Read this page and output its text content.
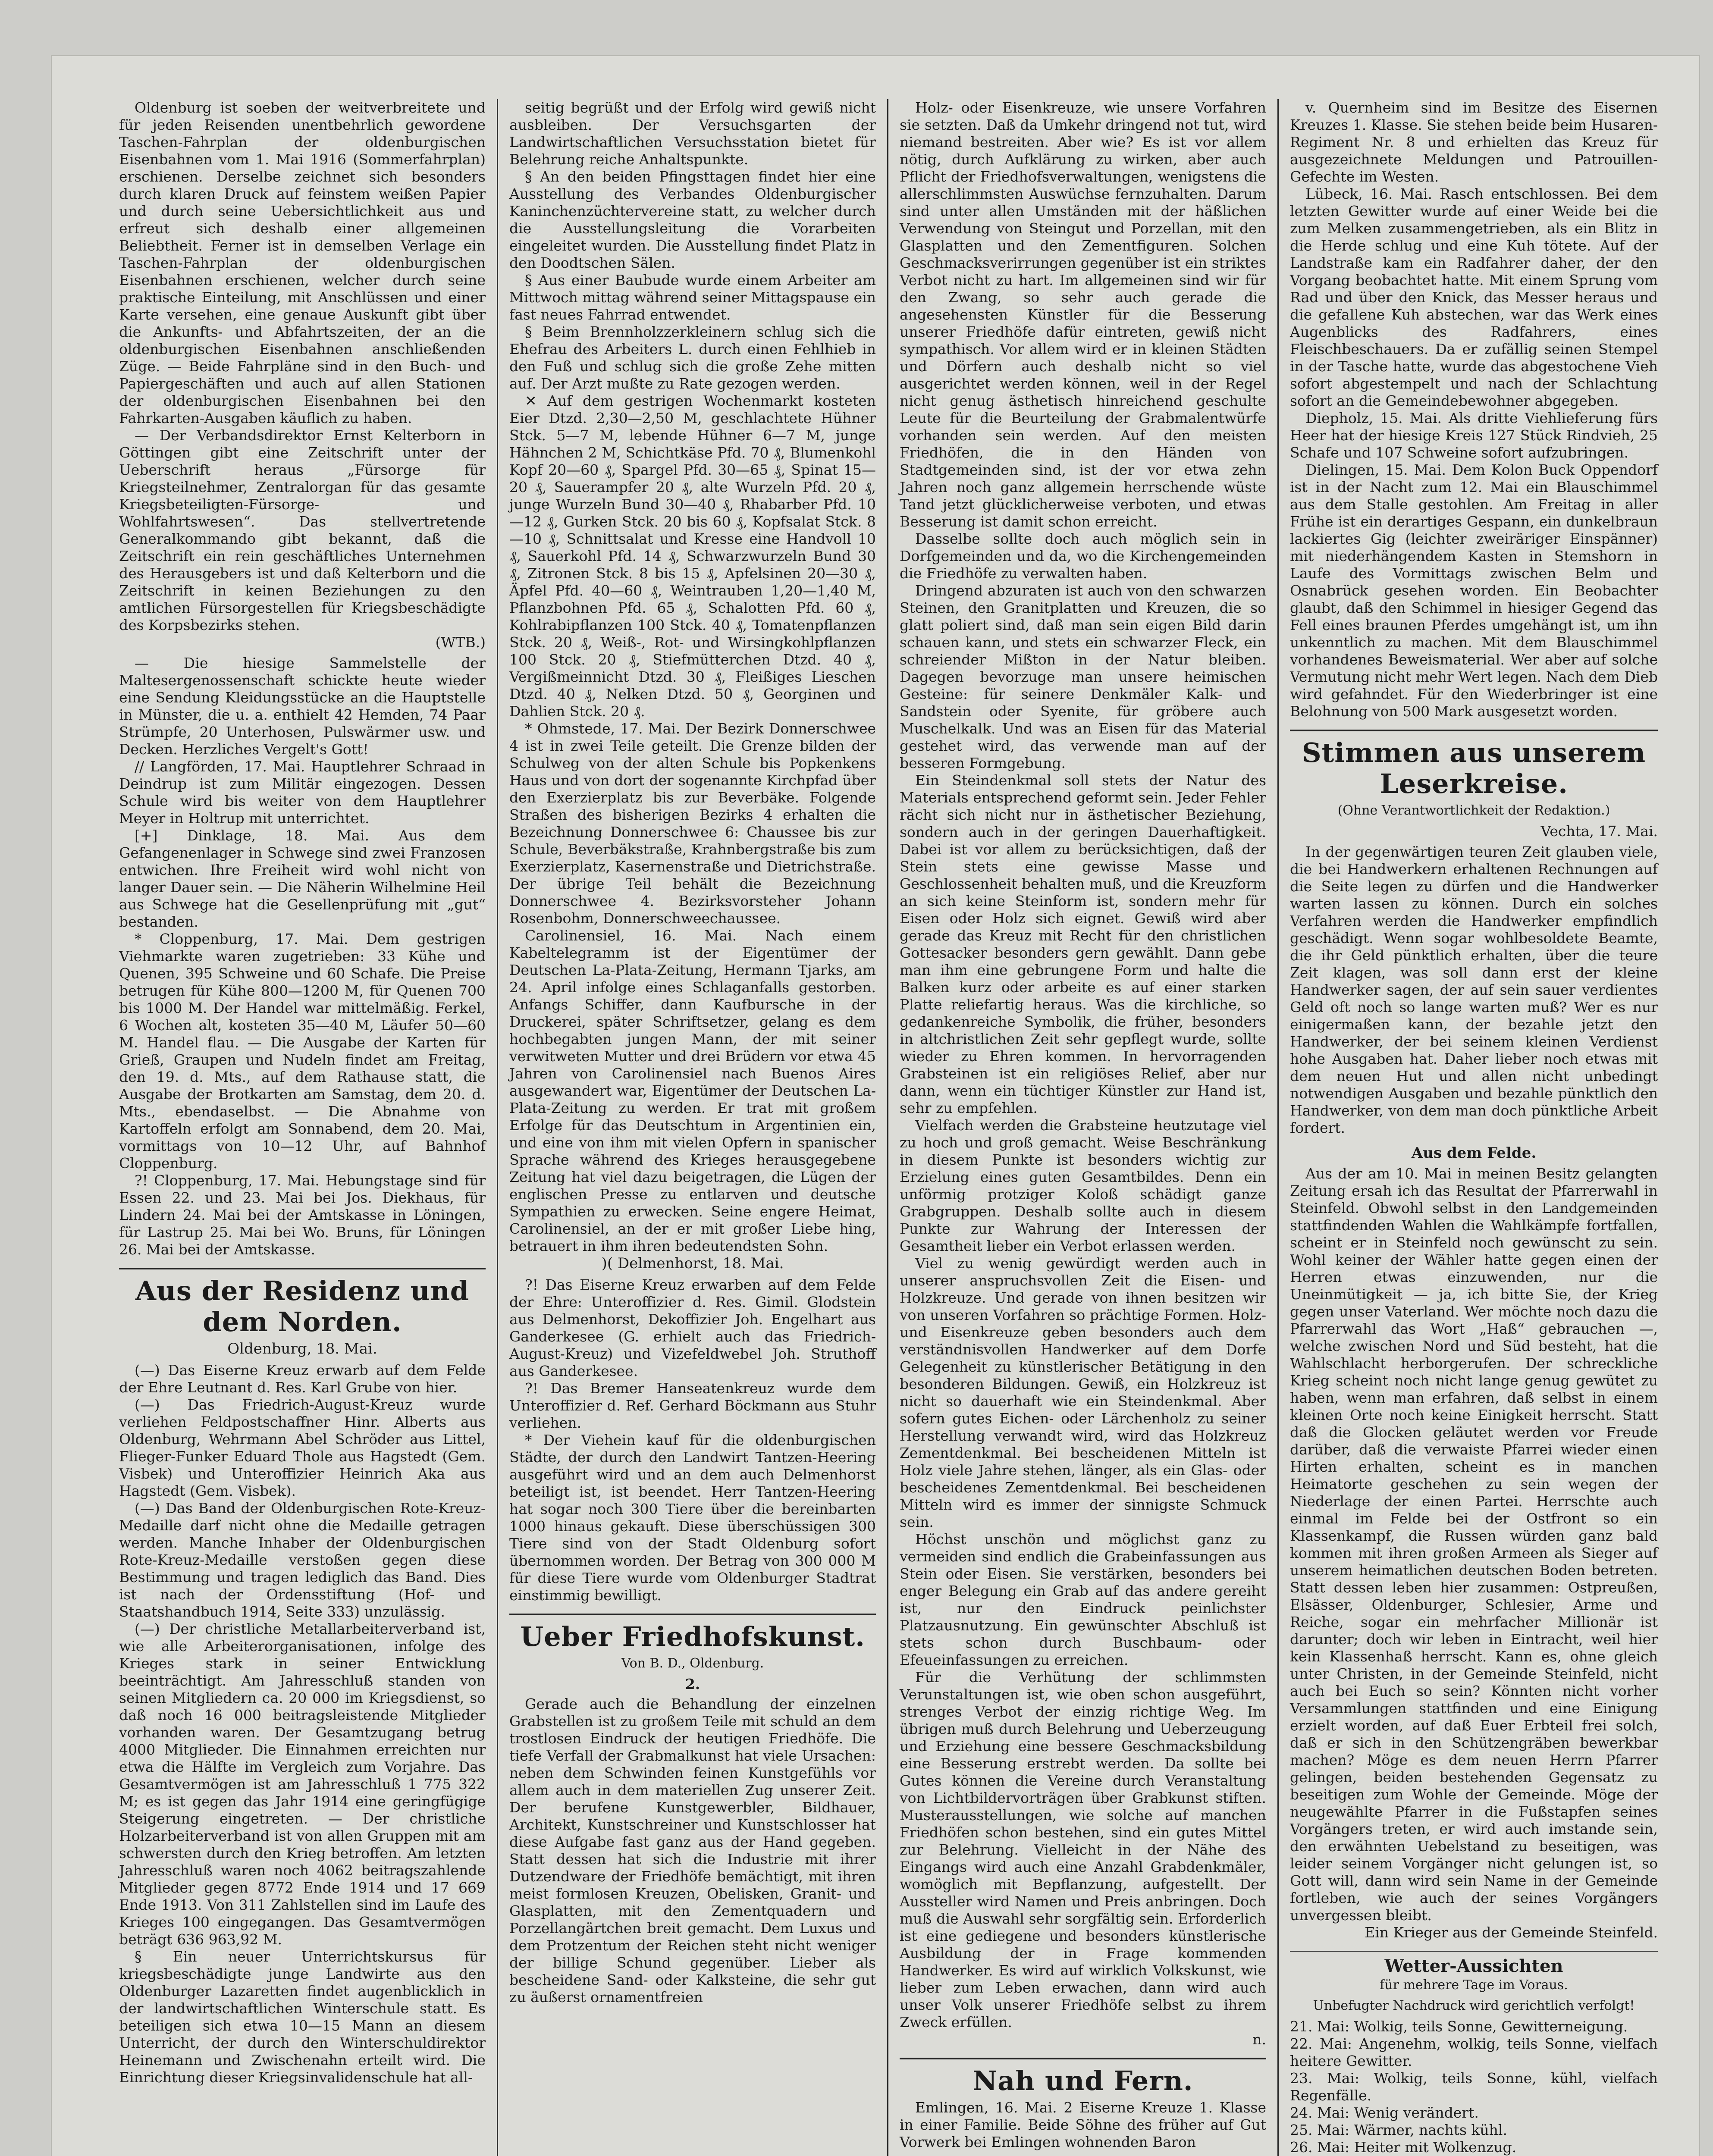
Oldenburg ist soeben der weitverbreitete und für jeden Reisenden unentbehrlich gewordene Taschen-Fahrplan der oldenburgischen Eisenbahnen vom 1. Mai 1916 (Sommerfahrplan) erschienen. Derselbe zeichnet sich besonders durch klaren Druck auf feinstem weißen Papier und durch seine Uebersichtlichkeit aus und erfreut sich deshalb einer allgemeinen Beliebtheit. Ferner ist in demselben Verlage ein Taschen-Fahrplan der oldenburgischen Eisenbahnen erschienen, welcher durch seine praktische Einteilung, mit Anschlüssen und einer Karte versehen, eine genaue Auskunft gibt über die Ankunfts- und Abfahrtszeiten, der an die oldenburgischen Eisenbahnen anschließenden Züge. — Beide Fahrpläne sind in den Buch- und Papiergeschäften und auch auf allen Stationen der oldenburgischen Eisenbahnen bei den Fahrkarten-Ausgaben käuflich zu haben.

— Der Verbandsdirektor Ernst Kelterborn in Göttingen gibt eine Zeitschrift unter der Ueberschrift heraus „Fürsorge für Kriegsteilnehmer, Zentralorgan für das gesamte Kriegsbeteiligten-Fürsorge- und Wohlfahrtswesen“. Das stellvertretende Generalkommando gibt bekannt, daß die Zeitschrift ein rein geschäftliches Unternehmen des Herausgebers ist und daß Kelterborn und die Zeitschrift in keinen Beziehungen zu den amtlichen Fürsorgestellen für Kriegsbeschädigte des Korpsbezirks stehen.

(WTB.)

— Die hiesige Sammelstelle der Maltesergenossenschaft schickte heute wieder eine Sendung Kleidungsstücke an die Hauptstelle in Münster, die u. a. enthielt 42 Hemden, 74 Paar Strümpfe, 20 Unterhosen, Pulswärmer usw. und Decken. Herzliches Vergelt's Gott!

// Langförden, 17. Mai. Hauptlehrer Schraad in Deindrup ist zum Militär eingezogen. Dessen Schule wird bis weiter von dem Hauptlehrer Meyer in Holtrup mit unterrichtet.

[+] Dinklage, 18. Mai. Aus dem Gefangenenlager in Schwege sind zwei Franzosen entwichen. Ihre Freiheit wird wohl nicht von langer Dauer sein. — Die Näherin Wilhelmine Heil aus Schwege hat die Gesellenprüfung mit „gut“ bestanden.

* Cloppenburg, 17. Mai. Dem gestrigen Viehmarkte waren zugetrieben: 33 Kühe und Quenen, 395 Schweine und 60 Schafe. Die Preise betrugen für Kühe 800—1200 M, für Quenen 700 bis 1000 M. Der Handel war mittelmäßig. Ferkel, 6 Wochen alt, kosteten 35—40 M, Läufer 50—60 M. Handel flau. — Die Ausgabe der Karten für Grieß, Graupen und Nudeln findet am Freitag, den 19. d. Mts., auf dem Rathause statt, die Ausgabe der Brotkarten am Samstag, dem 20. d. Mts., ebendaselbst. — Die Abnahme von Kartoffeln erfolgt am Sonnabend, dem 20. Mai, vormittags von 10—12 Uhr, auf Bahnhof Cloppenburg.

?! Cloppenburg, 17. Mai. Hebungstage sind für Essen 22. und 23. Mai bei Jos. Diekhaus, für Lindern 24. Mai bei der Amtskasse in Löningen, für Lastrup 25. Mai bei Wo. Bruns, für Löningen 26. Mai bei der Amtskasse.

Aus der Residenz und dem Norden.
Oldenburg, 18. Mai.

(—) Das Eiserne Kreuz erwarb auf dem Felde der Ehre Leutnant d. Res. Karl Grube von hier.

(—) Das Friedrich-August-Kreuz wurde verliehen Feldpostschaffner Hinr. Alberts aus Oldenburg, Wehrmann Abel Schröder aus Littel, Flieger-Funker Eduard Thole aus Hagstedt (Gem. Visbek) und Unteroffizier Heinrich Aka aus Hagstedt (Gem. Visbek).

(—) Das Band der Oldenburgischen Rote-Kreuz-Medaille darf nicht ohne die Medaille getragen werden. Manche Inhaber der Oldenburgischen Rote-Kreuz-Medaille verstoßen gegen diese Bestimmung und tragen lediglich das Band. Dies ist nach der Ordensstiftung (Hof- und Staatshandbuch 1914, Seite 333) unzulässig.

(—) Der christliche Metallarbeiterverband ist, wie alle Arbeiterorganisationen, infolge des Krieges stark in seiner Entwicklung beeinträchtigt. Am Jahresschluß standen von seinen Mitgliedern ca. 20 000 im Kriegsdienst, so daß noch 16 000 beitragsleistende Mitglieder vorhanden waren. Der Gesamtzugang betrug 4000 Mitglieder. Die Einnahmen erreichten nur etwa die Hälfte im Vergleich zum Vorjahre. Das Gesamtvermögen ist am Jahresschluß 1 775 322 M; es ist gegen das Jahr 1914 eine geringfügige Steigerung eingetreten. — Der christliche Holzarbeiterverband ist von allen Gruppen mit am schwersten durch den Krieg betroffen. Am letzten Jahresschluß waren noch 4062 beitragszahlende Mitglieder gegen 8772 Ende 1914 und 17 669 Ende 1913. Von 311 Zahlstellen sind im Laufe des Krieges 100 eingegangen. Das Gesamtvermögen beträgt 636 963,92 M.

§ Ein neuer Unterrichtskursus für kriegsbeschädigte junge Landwirte aus den Oldenburger Lazaretten findet augenblicklich in der landwirtschaftlichen Winterschule statt. Es beteiligen sich etwa 10—15 Mann an diesem Unterricht, der durch den Winterschuldirektor Heinemann und Zwischenahn erteilt wird. Die Einrichtung dieser Kriegsinvalidenschule hat all-

seitig begrüßt und der Erfolg wird gewiß nicht ausbleiben. Der Versuchsgarten der Landwirtschaftlichen Versuchsstation bietet für Belehrung reiche Anhaltspunkte.

§ An den beiden Pfingsttagen findet hier eine Ausstellung des Verbandes Oldenburgischer Kaninchenzüchtervereine statt, zu welcher durch die Ausstellungsleitung die Vorarbeiten eingeleitet wurden. Die Ausstellung findet Platz in den Doodtschen Sälen.

§ Aus einer Baubude wurde einem Arbeiter am Mittwoch mittag während seiner Mittagspause ein fast neues Fahrrad entwendet.

§ Beim Brennholzzerkleinern schlug sich die Ehefrau des Arbeiters L. durch einen Fehlhieb in den Fuß und schlug sich die große Zehe mitten auf. Der Arzt mußte zu Rate gezogen werden.

✕ Auf dem gestrigen Wochenmarkt kosteten Eier Dtzd. 2,30—2,50 M, geschlachtete Hühner Stck. 5—7 M, lebende Hühner 6—7 M, junge Hähnchen 2 M, Schichtkäse Pfd. 70 ₰, Blumenkohl Kopf 20—60 ₰, Spargel Pfd. 30—65 ₰, Spinat 15—20 ₰, Sauerampfer 20 ₰, alte Wurzeln Pfd. 20 ₰, junge Wurzeln Bund 30—40 ₰, Rhabarber Pfd. 10—12 ₰, Gurken Stck. 20 bis 60 ₰, Kopfsalat Stck. 8—10 ₰, Schnittsalat und Kresse eine Handvoll 10 ₰, Sauerkohl Pfd. 14 ₰, Schwarzwurzeln Bund 30 ₰, Zitronen Stck. 8 bis 15 ₰, Apfelsinen 20—30 ₰, Äpfel Pfd. 40—60 ₰, Weintrauben 1,20—1,40 M, Pflanzbohnen Pfd. 65 ₰, Schalotten Pfd. 60 ₰, Kohlrabipflanzen 100 Stck. 40 ₰, Tomatenpflanzen Stck. 20 ₰, Weiß-, Rot- und Wirsingkohlpflanzen 100 Stck. 20 ₰, Stiefmütterchen Dtzd. 40 ₰, Vergißmeinnicht Dtzd. 30 ₰, Fleißiges Lieschen Dtzd. 40 ₰, Nelken Dtzd. 50 ₰, Georginen und Dahlien Stck. 20 ₰.

* Ohmstede, 17. Mai. Der Bezirk Donnerschwee 4 ist in zwei Teile geteilt. Die Grenze bilden der Schulweg von der alten Schule bis Popkenkens Haus und von dort der sogenannte Kirchpfad über den Exerzierplatz bis zur Beverbäke. Folgende Straßen des bisherigen Bezirks 4 erhalten die Bezeichnung Donnerschwee 6: Chaussee bis zur Schule, Beverbäkstraße, Krahnbergstraße bis zum Exerzierplatz, Kasernenstraße und Dietrichstraße. Der übrige Teil behält die Bezeichnung Donnerschwee 4. Bezirksvorsteher Johann Rosenbohm, Donnerschweechaussee.

Carolinensiel, 16. Mai. Nach einem Kabeltelegramm ist der Eigentümer der Deutschen La-Plata-Zeitung, Hermann Tjarks, am 24. April infolge eines Schlaganfalls gestorben. Anfangs Schiffer, dann Kaufbursche in der Druckerei, später Schriftsetzer, gelang es dem hochbegabten jungen Mann, der mit seiner verwitweten Mutter und drei Brüdern vor etwa 45 Jahren von Carolinensiel nach Buenos Aires ausgewandert war, Eigentümer der Deutschen La-Plata-Zeitung zu werden. Er trat mit großem Erfolge für das Deutschtum in Argentinien ein, und eine von ihm mit vielen Opfern in spanischer Sprache während des Krieges herausgegebene Zeitung hat viel dazu beigetragen, die Lügen der englischen Presse zu entlarven und deutsche Sympathien zu erwecken. Seine engere Heimat, Carolinensiel, an der er mit großer Liebe hing, betrauert in ihm ihren bedeutendsten Sohn.

)( Delmenhorst, 18. Mai.

?! Das Eiserne Kreuz erwarben auf dem Felde der Ehre: Unteroffizier d. Res. Gimil. Glodstein aus Delmenhorst, Dekoffizier Joh. Engelhart aus Ganderkesee (G. erhielt auch das Friedrich-August-Kreuz) und Vizefeldwebel Joh. Struthoff aus Ganderkesee.

?! Das Bremer Hanseatenkreuz wurde dem Unteroffizier d. Ref. Gerhard Böckmann aus Stuhr verliehen.

* Der Viehein kauf für die oldenburgischen Städte, der durch den Landwirt Tantzen-Heering ausgeführt wird und an dem auch Delmenhorst beteiligt ist, ist beendet. Herr Tantzen-Heering hat sogar noch 300 Tiere über die bereinbarten 1000 hinaus gekauft. Diese überschüssigen 300 Tiere sind von der Stadt Oldenburg sofort übernommen worden. Der Betrag von 300 000 M für diese Tiere wurde vom Oldenburger Stadtrat einstimmig bewilligt.

Ueber Friedhofskunst.
Von B. D., Oldenburg.
2.

Gerade auch die Behandlung der einzelnen Grabstellen ist zu großem Teile mit schuld an dem trostlosen Eindruck der heutigen Friedhöfe. Die tiefe Verfall der Grabmalkunst hat viele Ursachen: neben dem Schwinden feinen Kunstgefühls vor allem auch in dem materiellen Zug unserer Zeit. Der berufene Kunstgewerbler, Bildhauer, Architekt, Kunstschreiner und Kunstschlosser hat diese Aufgabe fast ganz aus der Hand gegeben. Statt dessen hat sich die Industrie mit ihrer Dutzendware der Friedhöfe bemächtigt, mit ihren meist formlosen Kreuzen, Obelisken, Granit- und Glasplatten, mit den Zementquadern und Porzellangärtchen breit gemacht. Dem Luxus und dem Protzentum der Reichen steht nicht weniger der billige Schund gegenüber. Lieber als bescheidene Sand- oder Kalksteine, die sehr gut zu äußerst ornamentfreien

Holz- oder Eisenkreuze, wie unsere Vorfahren sie setzten. Daß da Umkehr dringend not tut, wird niemand bestreiten. Aber wie? Es ist vor allem nötig, durch Aufklärung zu wirken, aber auch Pflicht der Friedhofsverwaltungen, wenigstens die allerschlimmsten Auswüchse fernzuhalten. Darum sind unter allen Umständen mit der häßlichen Verwendung von Steingut und Porzellan, mit den Glasplatten und den Zementfiguren. Solchen Geschmacksverirrungen gegenüber ist ein striktes Verbot nicht zu hart. Im allgemeinen sind wir für den Zwang, so sehr auch gerade die angesehensten Künstler für die Besserung unserer Friedhöfe dafür eintreten, gewiß nicht sympathisch. Vor allem wird er in kleinen Städten und Dörfern auch deshalb nicht so viel ausgerichtet werden können, weil in der Regel nicht genug ästhetisch hinreichend geschulte Leute für die Beurteilung der Grabmalentwürfe vorhanden sein werden. Auf den meisten Friedhöfen, die in den Händen von Stadtgemeinden sind, ist der vor etwa zehn Jahren noch ganz allgemein herrschende wüste Tand jetzt glücklicherweise verboten, und etwas Besserung ist damit schon erreicht.

Dasselbe sollte doch auch möglich sein in Dorfgemeinden und da, wo die Kirchengemeinden die Friedhöfe zu verwalten haben.

Dringend abzuraten ist auch von den schwarzen Steinen, den Granitplatten und Kreuzen, die so glatt poliert sind, daß man sein eigen Bild darin schauen kann, und stets ein schwarzer Fleck, ein schreiender Mißton in der Natur bleiben. Dagegen bevorzuge man unsere heimischen Gesteine: für seinere Denkmäler Kalk- und Sandstein oder Syenite, für gröbere auch Muschelkalk. Und was an Eisen für das Material gestehet wird, das verwende man auf der besseren Formgebung.

Ein Steindenkmal soll stets der Natur des Materials entsprechend geformt sein. Jeder Fehler rächt sich nicht nur in ästhetischer Beziehung, sondern auch in der geringen Dauerhaftigkeit. Dabei ist vor allem zu berücksichtigen, daß der Stein stets eine gewisse Masse und Geschlossenheit behalten muß, und die Kreuzform an sich keine Steinform ist, sondern mehr für Eisen oder Holz sich eignet. Gewiß wird aber gerade das Kreuz mit Recht für den christlichen Gottesacker besonders gern gewählt. Dann gebe man ihm eine gebrungene Form und halte die Balken kurz oder arbeite es auf einer starken Platte reliefartig heraus. Was die kirchliche, so gedankenreiche Symbolik, die früher, besonders in altchristlichen Zeit sehr gepflegt wurde, sollte wieder zu Ehren kommen. In hervorragenden Grabsteinen ist ein religiöses Relief, aber nur dann, wenn ein tüchtiger Künstler zur Hand ist, sehr zu empfehlen.

Vielfach werden die Grabsteine heutzutage viel zu hoch und groß gemacht. Weise Beschränkung in diesem Punkte ist besonders wichtig zur Erzielung eines guten Gesamtbildes. Denn ein unförmig protziger Koloß schädigt ganze Grabgruppen. Deshalb sollte auch in diesem Punkte zur Wahrung der Interessen der Gesamtheit lieber ein Verbot erlassen werden.

Viel zu wenig gewürdigt werden auch in unserer anspruchsvollen Zeit die Eisen- und Holzkreuze. Und gerade von ihnen besitzen wir von unseren Vorfahren so prächtige Formen. Holz- und Eisenkreuze geben besonders auch dem verständnisvollen Handwerker auf dem Dorfe Gelegenheit zu künstlerischer Betätigung in den besonderen Bildungen. Gewiß, ein Holzkreuz ist nicht so dauerhaft wie ein Steindenkmal. Aber sofern gutes Eichen- oder Lärchenholz zu seiner Herstellung verwandt wird, wird das Holzkreuz Zementdenkmal. Bei bescheidenen Mitteln ist Holz viele Jahre stehen, länger, als ein Glas- oder bescheidenes Zementdenkmal. Bei bescheidenen Mitteln wird es immer der sinnigste Schmuck sein.

Höchst unschön und möglichst ganz zu vermeiden sind endlich die Grabeinfassungen aus Stein oder Eisen. Sie verstärken, besonders bei enger Belegung ein Grab auf das andere gereiht ist, nur den Eindruck peinlichster Platzausnutzung. Ein gewünschter Abschluß ist stets schon durch Buschbaum- oder Efeueinfassungen zu erreichen.

Für die Verhütung der schlimmsten Verunstaltungen ist, wie oben schon ausgeführt, strenges Verbot der einzig richtige Weg. Im übrigen muß durch Belehrung und Ueberzeugung und Erziehung eine bessere Geschmacksbildung eine Besserung erstrebt werden. Da sollte bei Gutes können die Vereine durch Veranstaltung von Lichtbildervorträgen über Grabkunst stiften. Musterausstellungen, wie solche auf manchen Friedhöfen schon bestehen, sind ein gutes Mittel zur Belehrung. Vielleicht in der Nähe des Eingangs wird auch eine Anzahl Grabdenkmäler, womöglich mit Bepflanzung, aufgestellt. Der Aussteller wird Namen und Preis anbringen. Doch muß die Auswahl sehr sorgfältig sein. Erforderlich ist eine gediegene und besonders künstlerische Ausbildung der in Frage kommenden Handwerker. Es wird auf wirklich Volkskunst, wie lieber zum Leben erwachen, dann wird auch unser Volk unserer Friedhöfe selbst zu ihrem Zweck erfüllen.

n.
Nah und Fern.

Emlingen, 16. Mai. 2 Eiserne Kreuze 1. Klasse in einer Familie. Beide Söhne des früher auf Gut Vorwerk bei Emlingen wohnenden Baron

v. Quernheim sind im Besitze des Eisernen Kreuzes 1. Klasse. Sie stehen beide beim Husaren-Regiment Nr. 8 und erhielten das Kreuz für ausgezeichnete Meldungen und Patrouillen-Gefechte im Westen.

Lübeck, 16. Mai. Rasch entschlossen. Bei dem letzten Gewitter wurde auf einer Weide bei die zum Melken zusammengetrieben, als ein Blitz in die Herde schlug und eine Kuh tötete. Auf der Landstraße kam ein Radfahrer daher, der den Vorgang beobachtet hatte. Mit einem Sprung vom Rad und über den Knick, das Messer heraus und die gefallene Kuh abstechen, war das Werk eines Augenblicks des Radfahrers, eines Fleischbeschauers. Da er zufällig seinen Stempel in der Tasche hatte, wurde das abgestochene Vieh sofort abgestempelt und nach der Schlachtung sofort an die Gemeindebewohner abgegeben.

Diepholz, 15. Mai. Als dritte Viehlieferung fürs Heer hat der hiesige Kreis 127 Stück Rindvieh, 25 Schafe und 107 Schweine sofort aufzubringen.

Dielingen, 15. Mai. Dem Kolon Buck Oppendorf ist in der Nacht zum 12. Mai ein Blauschimmel aus dem Stalle gestohlen. Am Freitag in aller Frühe ist ein derartiges Gespann, ein dunkelbraun lackiertes Gig (leichter zweiräriger Einspänner) mit niederhängendem Kasten in Stemshorn in Laufe des Vormittags zwischen Belm und Osnabrück gesehen worden. Ein Beobachter glaubt, daß den Schimmel in hiesiger Gegend das Fell eines braunen Pferdes umgehängt ist, um ihn unkenntlich zu machen. Mit dem Blauschimmel vorhandenes Beweismaterial. Wer aber auf solche Vermutung nicht mehr Wert legen. Nach dem Dieb wird gefahndet. Für den Wiederbringer ist eine Belohnung von 500 Mark ausgesetzt worden.

Stimmen aus unserem Leserkreise.
(Ohne Verantwortlichkeit der Redaktion.)
Vechta, 17. Mai.

In der gegenwärtigen teuren Zeit glauben viele, die bei Handwerkern erhaltenen Rechnungen auf die Seite legen zu dürfen und die Handwerker warten lassen zu können. Durch ein solches Verfahren werden die Handwerker empfindlich geschädigt. Wenn sogar wohlbesoldete Beamte, die ihr Geld pünktlich erhalten, über die teure Zeit klagen, was soll dann erst der kleine Handwerker sagen, der auf sein sauer verdientes Geld oft noch so lange warten muß? Wer es nur einigermaßen kann, der bezahle jetzt den Handwerker, der bei seinem kleinen Verdienst hohe Ausgaben hat. Daher lieber noch etwas mit dem neuen Hut und allen nicht unbedingt notwendigen Ausgaben und bezahle pünktlich den Handwerker, von dem man doch pünktliche Arbeit fordert.

Aus dem Felde.

Aus der am 10. Mai in meinen Besitz gelangten Zeitung ersah ich das Resultat der Pfarrerwahl in Steinfeld. Obwohl selbst in den Landgemeinden stattfindenden Wahlen die Wahlkämpfe fortfallen, scheint er in Steinfeld noch gewünscht zu sein. Wohl keiner der Wähler hatte gegen einen der Herren etwas einzuwenden, nur die Uneinmütigkeit — ja, ich bitte Sie, der Krieg gegen unser Vaterland. Wer möchte noch dazu die Pfarrerwahl das Wort „Haß“ gebrauchen —, welche zwischen Nord und Süd besteht, hat die Wahlschlacht herborgerufen. Der schreckliche Krieg scheint noch nicht lange genug gewütet zu haben, wenn man erfahren, daß selbst in einem kleinen Orte noch keine Einigkeit herrscht. Statt daß die Glocken geläutet werden vor Freude darüber, daß die verwaiste Pfarrei wieder einen Hirten erhalten, scheint es in manchen Heimatorte geschehen zu sein wegen der Niederlage der einen Partei. Herrschte auch einmal im Felde bei der Ostfront so ein Klassenkampf, die Russen würden ganz bald kommen mit ihren großen Armeen als Sieger auf unserem heimatlichen deutschen Boden betreten. Statt dessen leben hier zusammen: Ostpreußen, Elsässer, Oldenburger, Schlesier, Arme und Reiche, sogar ein mehrfacher Millionär ist darunter; doch wir leben in Eintracht, weil hier kein Klassenhaß herrscht. Kann es, ohne gleich unter Christen, in der Gemeinde Steinfeld, nicht auch bei Euch so sein? Könnten nicht vorher Versammlungen stattfinden und eine Einigung erzielt worden, auf daß Euer Erbteil frei solch, daß er sich in den Schützengräben bewerkbar machen? Möge es dem neuen Herrn Pfarrer gelingen, beiden bestehenden Gegensatz zu beseitigen zum Wohle der Gemeinde. Möge der neugewählte Pfarrer in die Fußstapfen seines Vorgängers treten, er wird auch imstande sein, den erwähnten Uebelstand zu beseitigen, was leider seinem Vorgänger nicht gelungen ist, so Gott will, dann wird sein Name in der Gemeinde fortleben, wie auch der seines Vorgängers unvergessen bleibt.

Ein Krieger aus der Gemeinde Steinfeld.
Wetter-Aussichten
für mehrere Tage im Voraus.
Unbefugter Nachdruck wird gerichtlich verfolgt!

21. Mai: Wolkig, teils Sonne, Gewitterneigung.

22. Mai: Angenehm, wolkig, teils Sonne, vielfach heitere Gewitter.

23. Mai: Wolkig, teils Sonne, kühl, vielfach Regenfälle.

24. Mai: Wenig verändert.

25. Mai: Wärmer, nachts kühl.

26. Mai: Heiter mit Wolkenzug.
